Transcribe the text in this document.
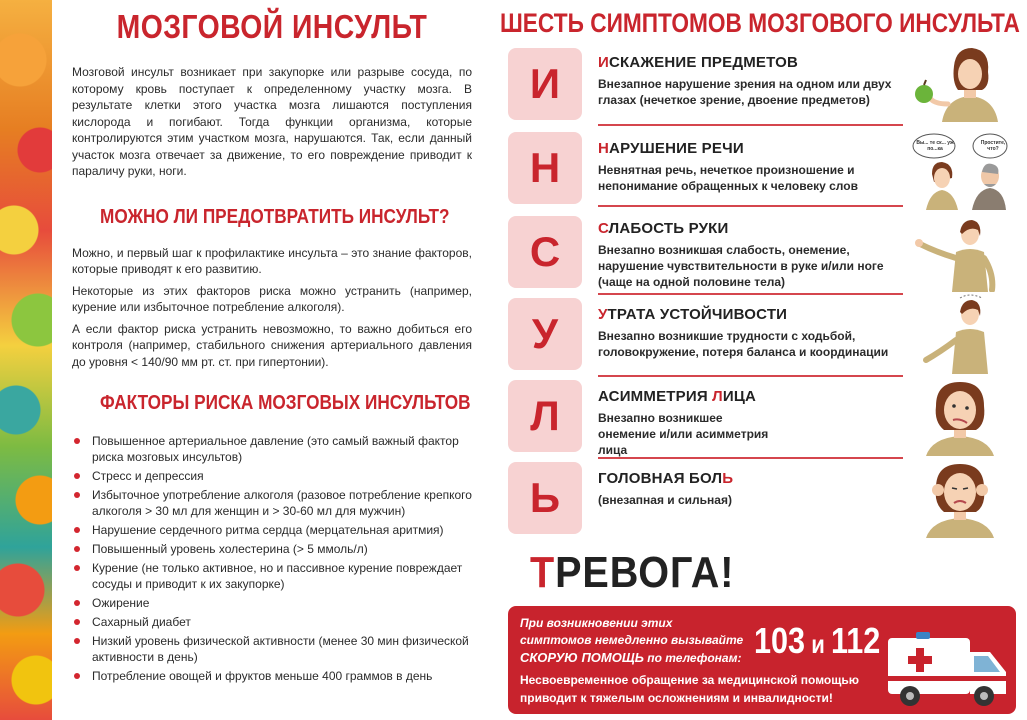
МОЗГОВОЙ ИНСУЛЬТ

Мозговой инсульт возникает при закупорке или разрыве сосуда, по которому кровь поступает к определенному участку мозга. В результате клетки этого участка мозга лишаются поступления кислорода и погибают. Тогда функции организма, которые контролируются этим участком мозга, нарушаются. Так, если данный участок мозга отвечает за движение, то его повреждение приводит к параличу руки, ноги.

МОЖНО ЛИ ПРЕДОТВРАТИТЬ ИНСУЛЬТ?

Можно, и первый шаг к профилактике инсульта – это знание факторов, которые приводят к его развитию.

Некоторые из этих факторов риска можно устранить (например, курение или избыточное потребление алкоголя).

А если фактор риска устранить невозможно, то важно добиться его контроля (например, стабильного снижения артериального давления до уровня < 140/90 мм рт. ст. при гипертонии).

ФАКТОРЫ РИСКА МОЗГОВЫХ ИНСУЛЬТОВ
Повышенное артериальное давление (это самый важный фактор риска мозговых инсультов)
Стресс и депрессия
Избыточное употребление алкоголя (разовое потребление крепкого алкоголя > 30 мл для женщин и > 30-60 мл для мужчин)
Нарушение сердечного ритма сердца (мерцательная аритмия)
Повышенный уровень холестерина (> 5 ммоль/л)
Курение (не только активное, но и пассивное курение повреждает сосуды и приводит к их закупорке)
Ожирение
Сахарный диабет
Низкий уровень физической активности (менее 30 мин физической активности в день)
Потребление овощей и фруктов меньше 400 граммов в день
ШЕСТЬ СИМПТОМОВ МОЗГОВОГО ИНСУЛЬТА
И	ИСКАЖЕНИЕ ПРЕДМЕТОВ
Внезапное нарушение зрения на одном или двух глазах (нечеткое зрение, двоение предметов)
Н	НАРУШЕНИЕ РЕЧИ
Невнятная речь, нечеткое произношение и непонимание обращенных к человеку слов
Вы... те ск... уж по...ка
Простите, что?
С	СЛАБОСТЬ РУКИ
Внезапно возникшая слабость, онемение, нарушение чувствительности в руке и/или ноге (чаще на одной половине тела)
У	УТРАТА УСТОЙЧИВОСТИ
Внезапно возникшие трудности с ходьбой, головокружение, потеря баланса и координации
Л	АСИММЕТРИЯ ЛИЦА
Внезапно возникшее онемение и/или асимметрия лица
Ь	ГОЛОВНАЯ БОЛЬ
(внезапная и сильная)
ТРЕВОГА!
При возникновении этих
симптомов немедленно вызывайте
СКОРУЮ ПОМОЩЬ по телефонам: 103 и 112
Несвоевременное обращение за медицинской помощью
приводит к тяжелым осложнениям и инвалидности!
